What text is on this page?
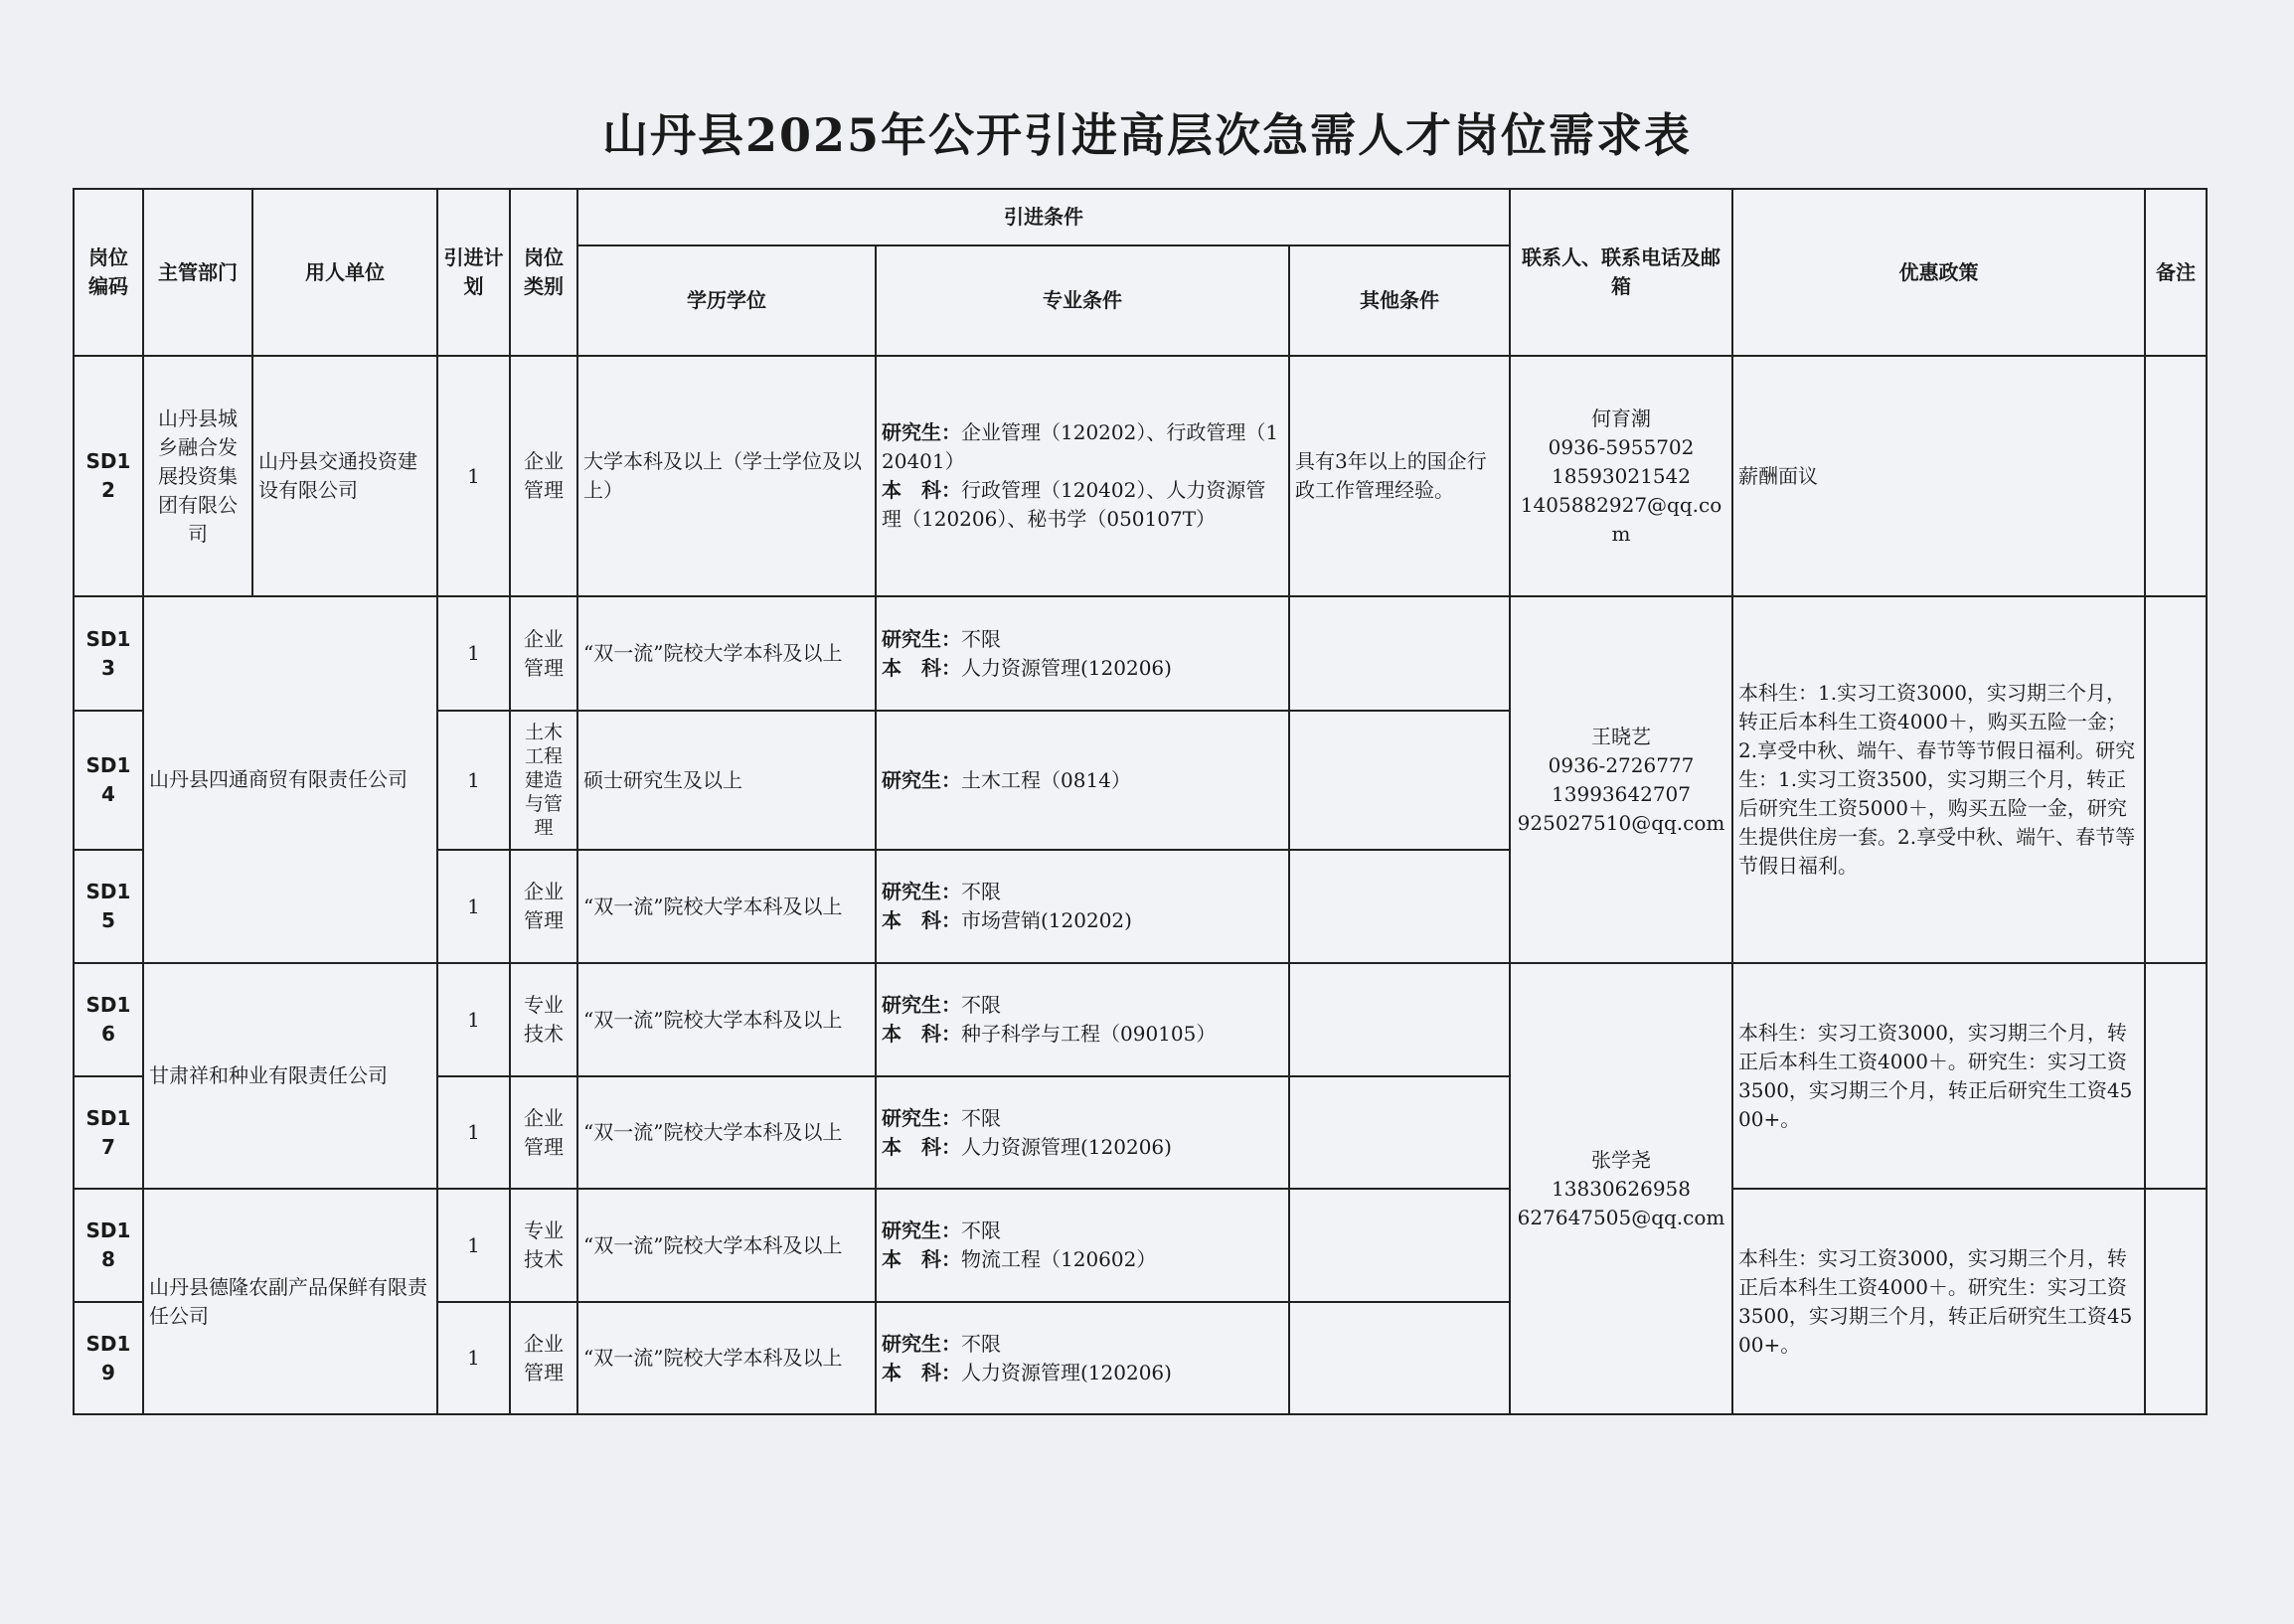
山丹县2025年公开引进高层次急需人才岗位需求表
岗位编码	主管部门	用人单位	引进计划	岗位类别	引进条件			联系人、联系电话及邮箱	优惠政策	备注
					学历学位	专业条件	其他条件			
SD12	山丹县城乡融合发展投资集团有限公司	山丹县交通投资建设有限公司	1	企业管理	大学本科及以上（学士学位及以上）	研究生：企业管理（120202）、行政管理（120401）
本　科：行政管理（120402）、人力资源管理（120206）、秘书学（050107T）	具有3年以上的国企行政工作管理经验。	何育潮
0936-5955702
18593021542
1405882927@qq.com	薪酬面议	
SD13	山丹县四通商贸有限责任公司		1	企业管理	“双一流”院校大学本科及以上	研究生：不限
本　科：人力资源管理(120206)		王晓艺
0936-2726777
13993642707
925027510@qq.com	本科生：1.实习工资3000，实习期三个月，转正后本科生工资4000＋，购买五险一金；2.享受中秋、端午、春节等节假日福利。研究生：1.实习工资3500，实习期三个月，转正后研究生工资5000＋，购买五险一金，研究生提供住房一套。2.享受中秋、端午、春节等节假日福利。	
SD14			1	土木工程建造与管理	硕士研究生及以上	研究生：土木工程（0814）				

SD15			1	企业管理	“双一流”院校大学本科及以上	研究生：不限
本　科：市场营销(120202)				

SD16	甘肃祥和种业有限责任公司		1	专业技术	“双一流”院校大学本科及以上	研究生：不限
本　科：种子科学与工程（090105）		张学尧
13830626958
627647505@qq.com	本科生：实习工资3000，实习期三个月，转正后本科生工资4000＋。研究生：实习工资3500，实习期三个月，转正后研究生工资4500+。	
SD17			1	企业管理	“双一流”院校大学本科及以上	研究生：不限
本　科：人力资源管理(120206)				

SD18	山丹县德隆农副产品保鲜有限责任公司		1	专业技术	“双一流”院校大学本科及以上	研究生：不限
本　科：物流工程（120602）			本科生：实习工资3000，实习期三个月，转正后本科生工资4000＋。研究生：实习工资3500，实习期三个月，转正后研究生工资4500+。	
SD19			1	企业管理	“双一流”院校大学本科及以上	研究生：不限
本　科：人力资源管理(120206)				
